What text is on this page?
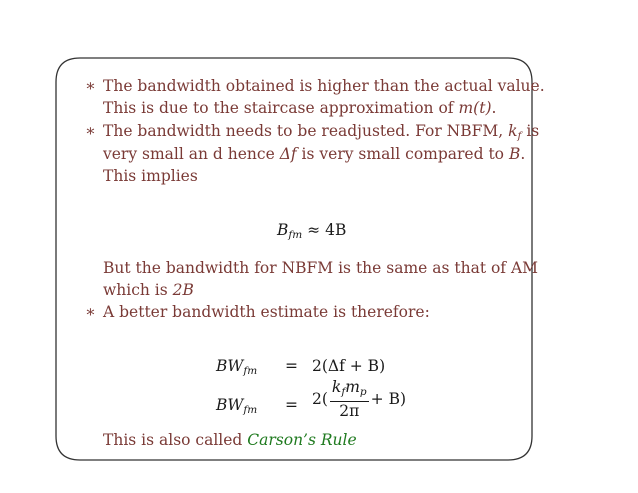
∗ The bandwidth obtained is higher than the actual value.
This is due to the staircase approximation of m(t).
∗ The bandwidth needs to be readjusted. For NBFM, $k_f$ is
very small an d hence Δf is very small compared to B.
This implies
$B_{fm} \approx 4B$
But the bandwidth for NBFM is the same as that of AM
which is 2B
∗ A better bandwidth estimate is therefore:
$BW_{fm} = 2(\Delta f + B)$
$BW_{fm} = 2( \frac{k_fm_p}{2\pi} + B)$
This is also called Carson’s Rule
